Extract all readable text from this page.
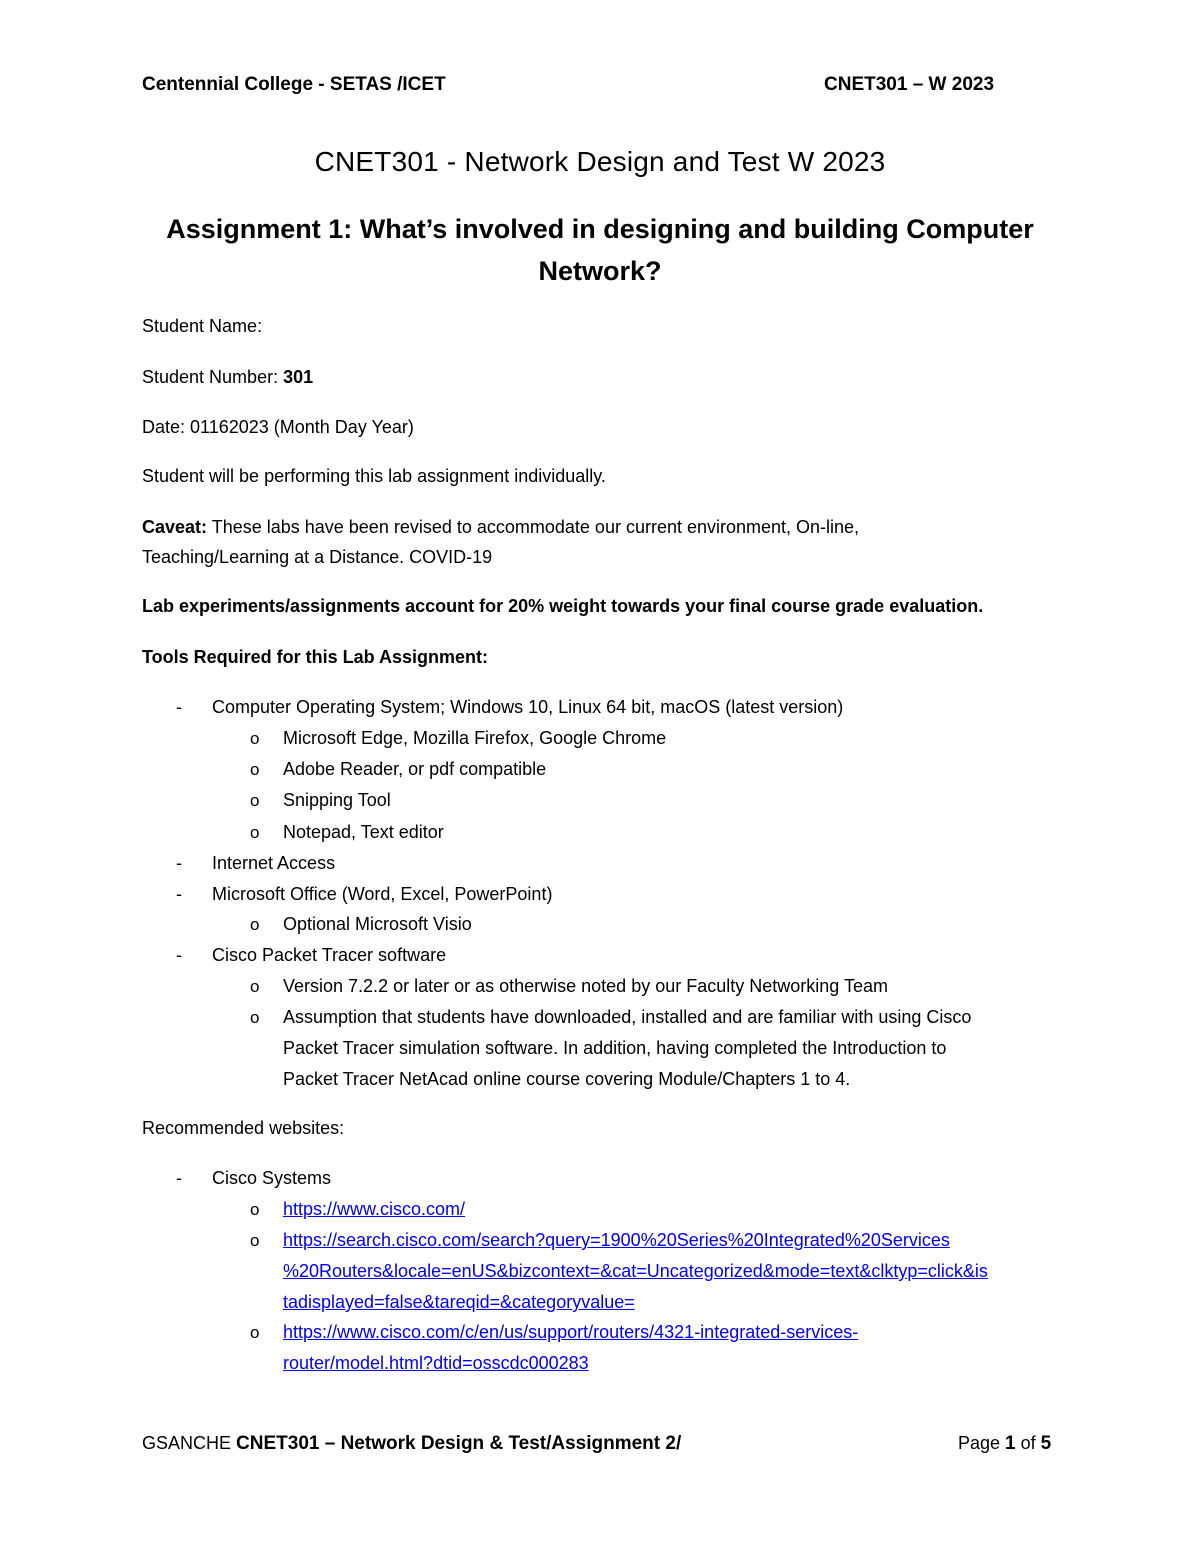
Centennial College - SETAS /ICET	CNET301 – W 2023
CNET301 - Network Design and Test W 2023
Assignment 1: What’s involved in designing and building Computer
Network?
Student Name:
Student Number: 301
Date: 01162023 (Month Day Year)
Student will be performing this lab assignment individually.
Caveat: These labs have been revised to accommodate our current environment, On-line,
Teaching/Learning at a Distance. COVID-19
Lab experiments/assignments account for 20% weight towards your final course grade evaluation.
Tools Required for this Lab Assignment:
- Computer Operating System; Windows 10, Linux 64 bit, macOS (latest version)
o Microsoft Edge, Mozilla Firefox, Google Chrome
o Adobe Reader, or pdf compatible
o Snipping Tool
o Notepad, Text editor
- Internet Access
- Microsoft Office (Word, Excel, PowerPoint)
o Optional Microsoft Visio
- Cisco Packet Tracer software
o Version 7.2.2 or later or as otherwise noted by our Faculty Networking Team
o Assumption that students have downloaded, installed and are familiar with using Cisco
Packet Tracer simulation software. In addition, having completed the Introduction to
Packet Tracer NetAcad online course covering Module/Chapters 1 to 4.
Recommended websites:
- Cisco Systems
o https://www.cisco.com/
o https://search.cisco.com/search?query=1900%20Series%20Integrated%20Services
%20Routers&locale=enUS&bizcontext=&cat=Uncategorized&mode=text&clktyp=click&is
tadisplayed=false&tareqid=&categoryvalue=
o https://www.cisco.com/c/en/us/support/routers/4321-integrated-services-
router/model.html?dtid=osscdc000283
GSANCHE CNET301 – Network Design & Test/Assignment 2/	Page 1 of 5
